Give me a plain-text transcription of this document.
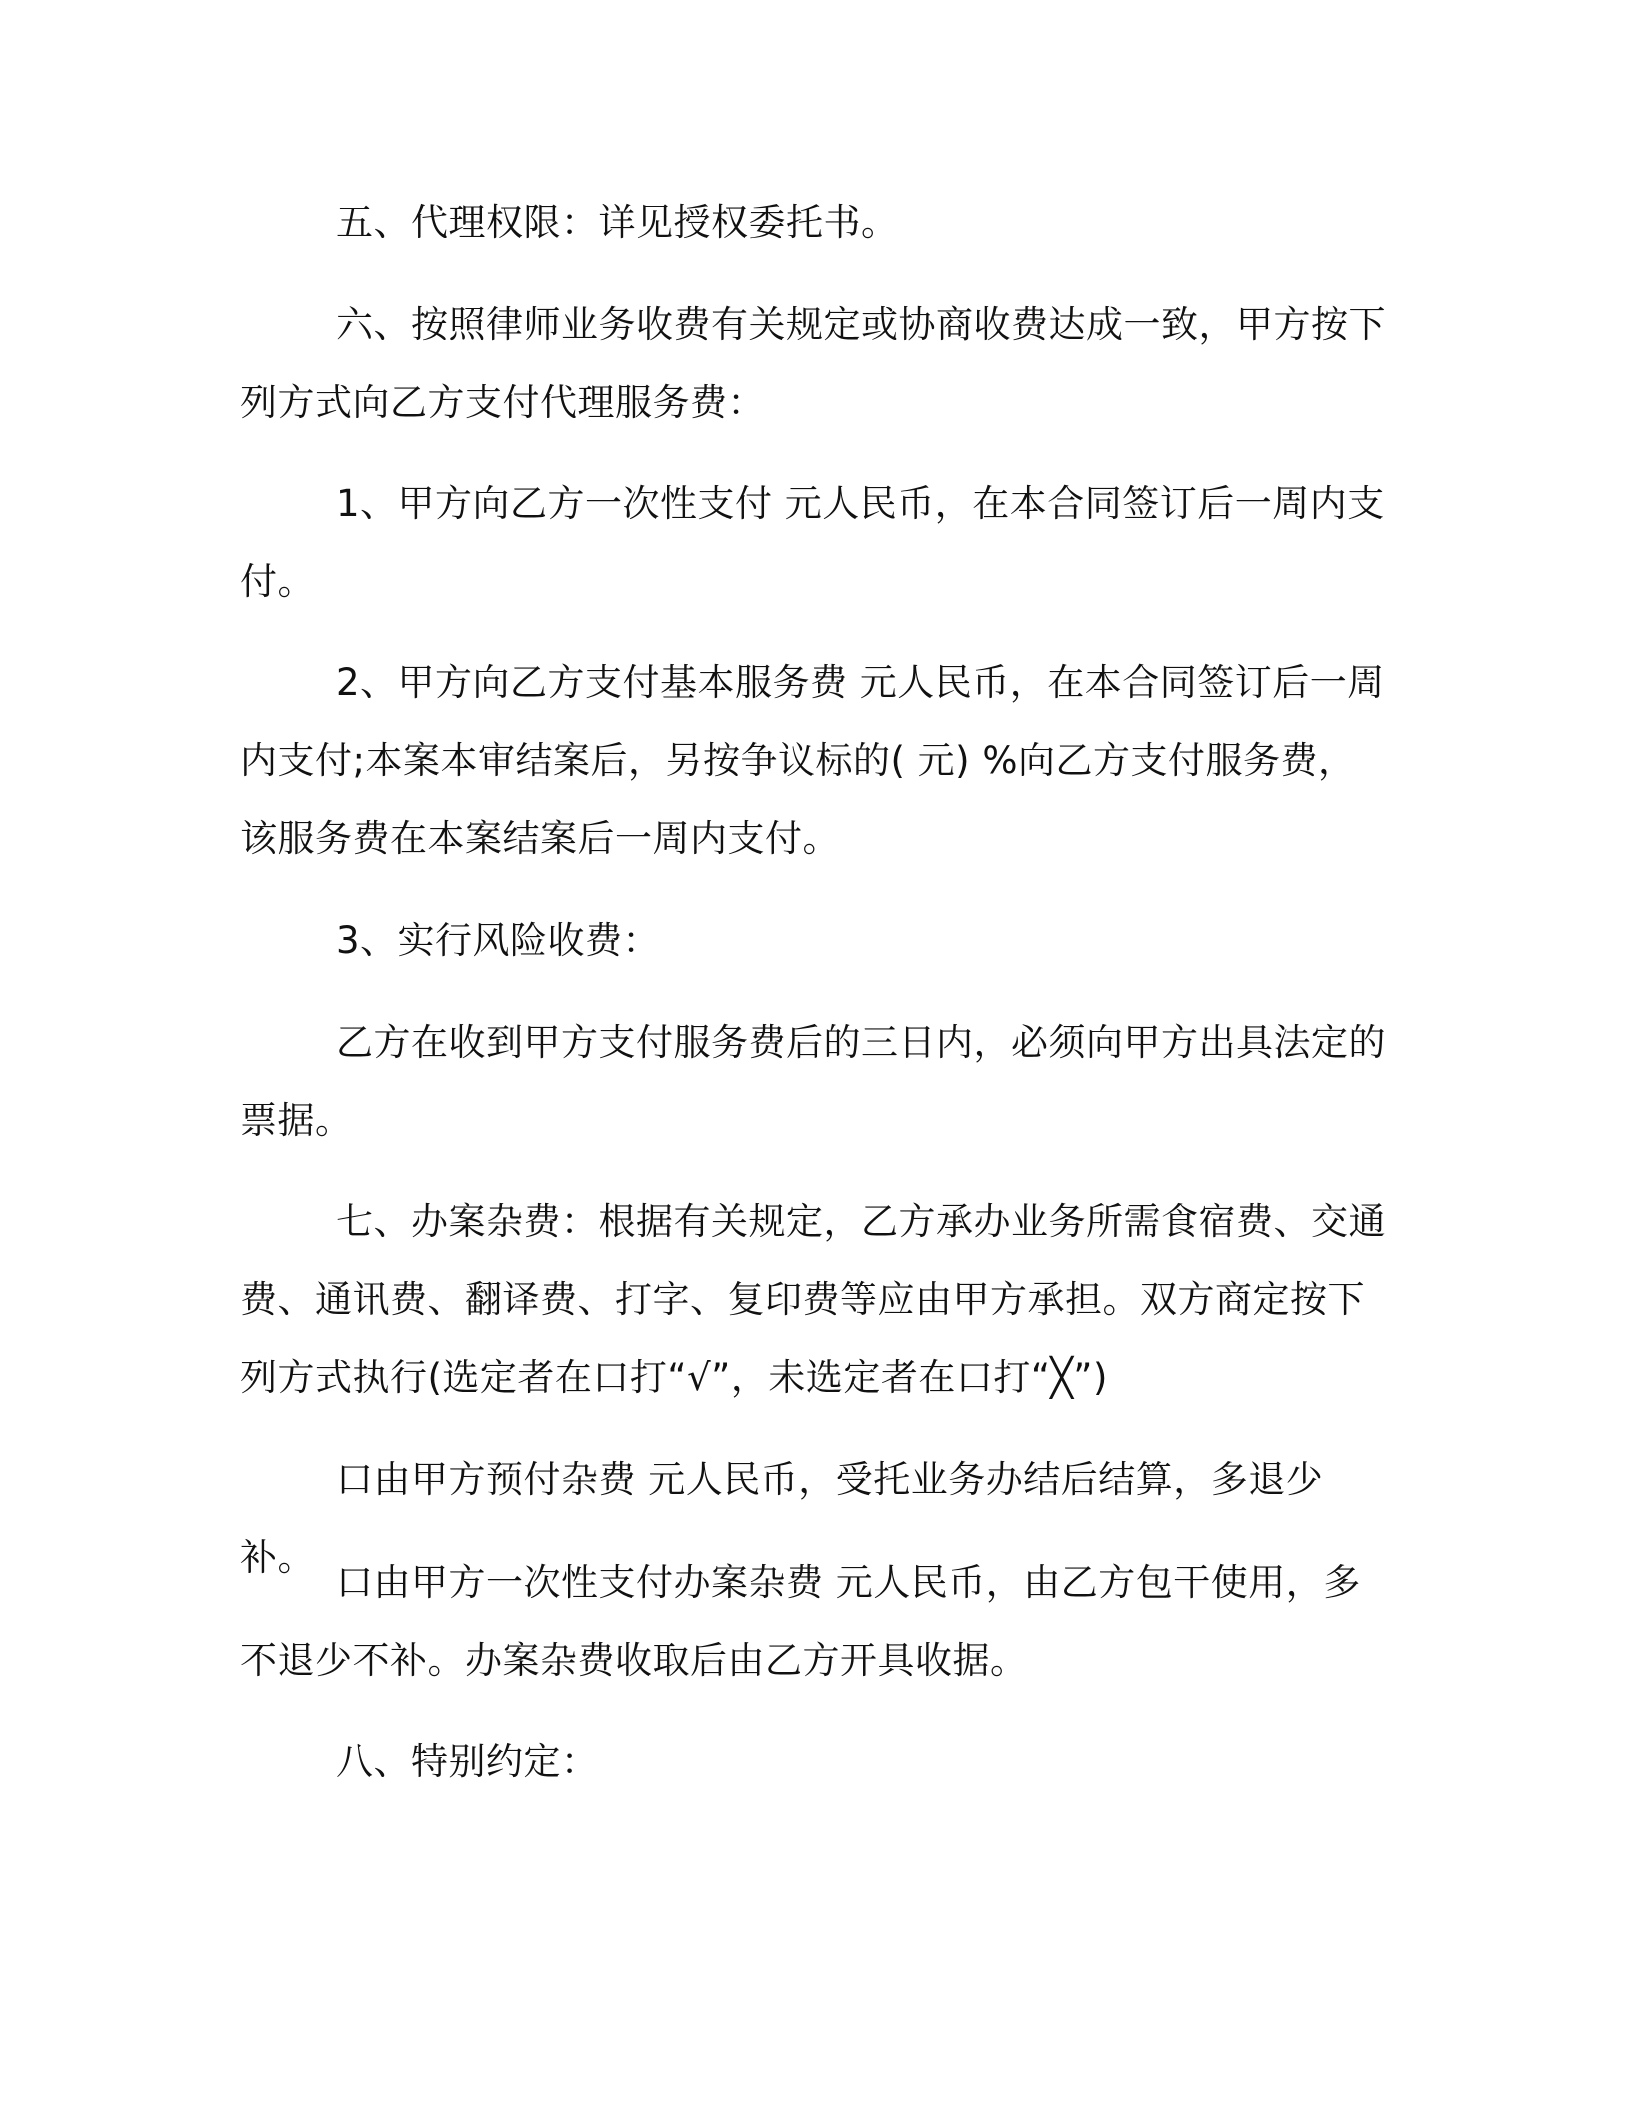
五、代理权限：详见授权委托书。

六、按照律师业务收费有关规定或协商收费达成一致，甲方按下列方式向乙方支付代理服务费：

1、甲方向乙方一次性支付 元人民币，在本合同签订后一周内支付。

2、甲方向乙方支付基本服务费 元人民币，在本合同签订后一周内支付;本案本审结案后，另按争议标的( 元) %向乙方支付服务费，该服务费在本案结案后一周内支付。

3、实行风险收费：

乙方在收到甲方支付服务费后的三日内，必须向甲方出具法定的票据。

七、办案杂费：根据有关规定，乙方承办业务所需食宿费、交通费、通讯费、翻译费、打字、复印费等应由甲方承担。双方商定按下列方式执行(选定者在口打“√”，未选定者在口打“╳”)

口由甲方预付杂费 元人民币，受托业务办结后结算，多退少补。

口由甲方一次性支付办案杂费 元人民币，由乙方包干使用，多不退少不补。办案杂费收取后由乙方开具收据。

八、特别约定：
